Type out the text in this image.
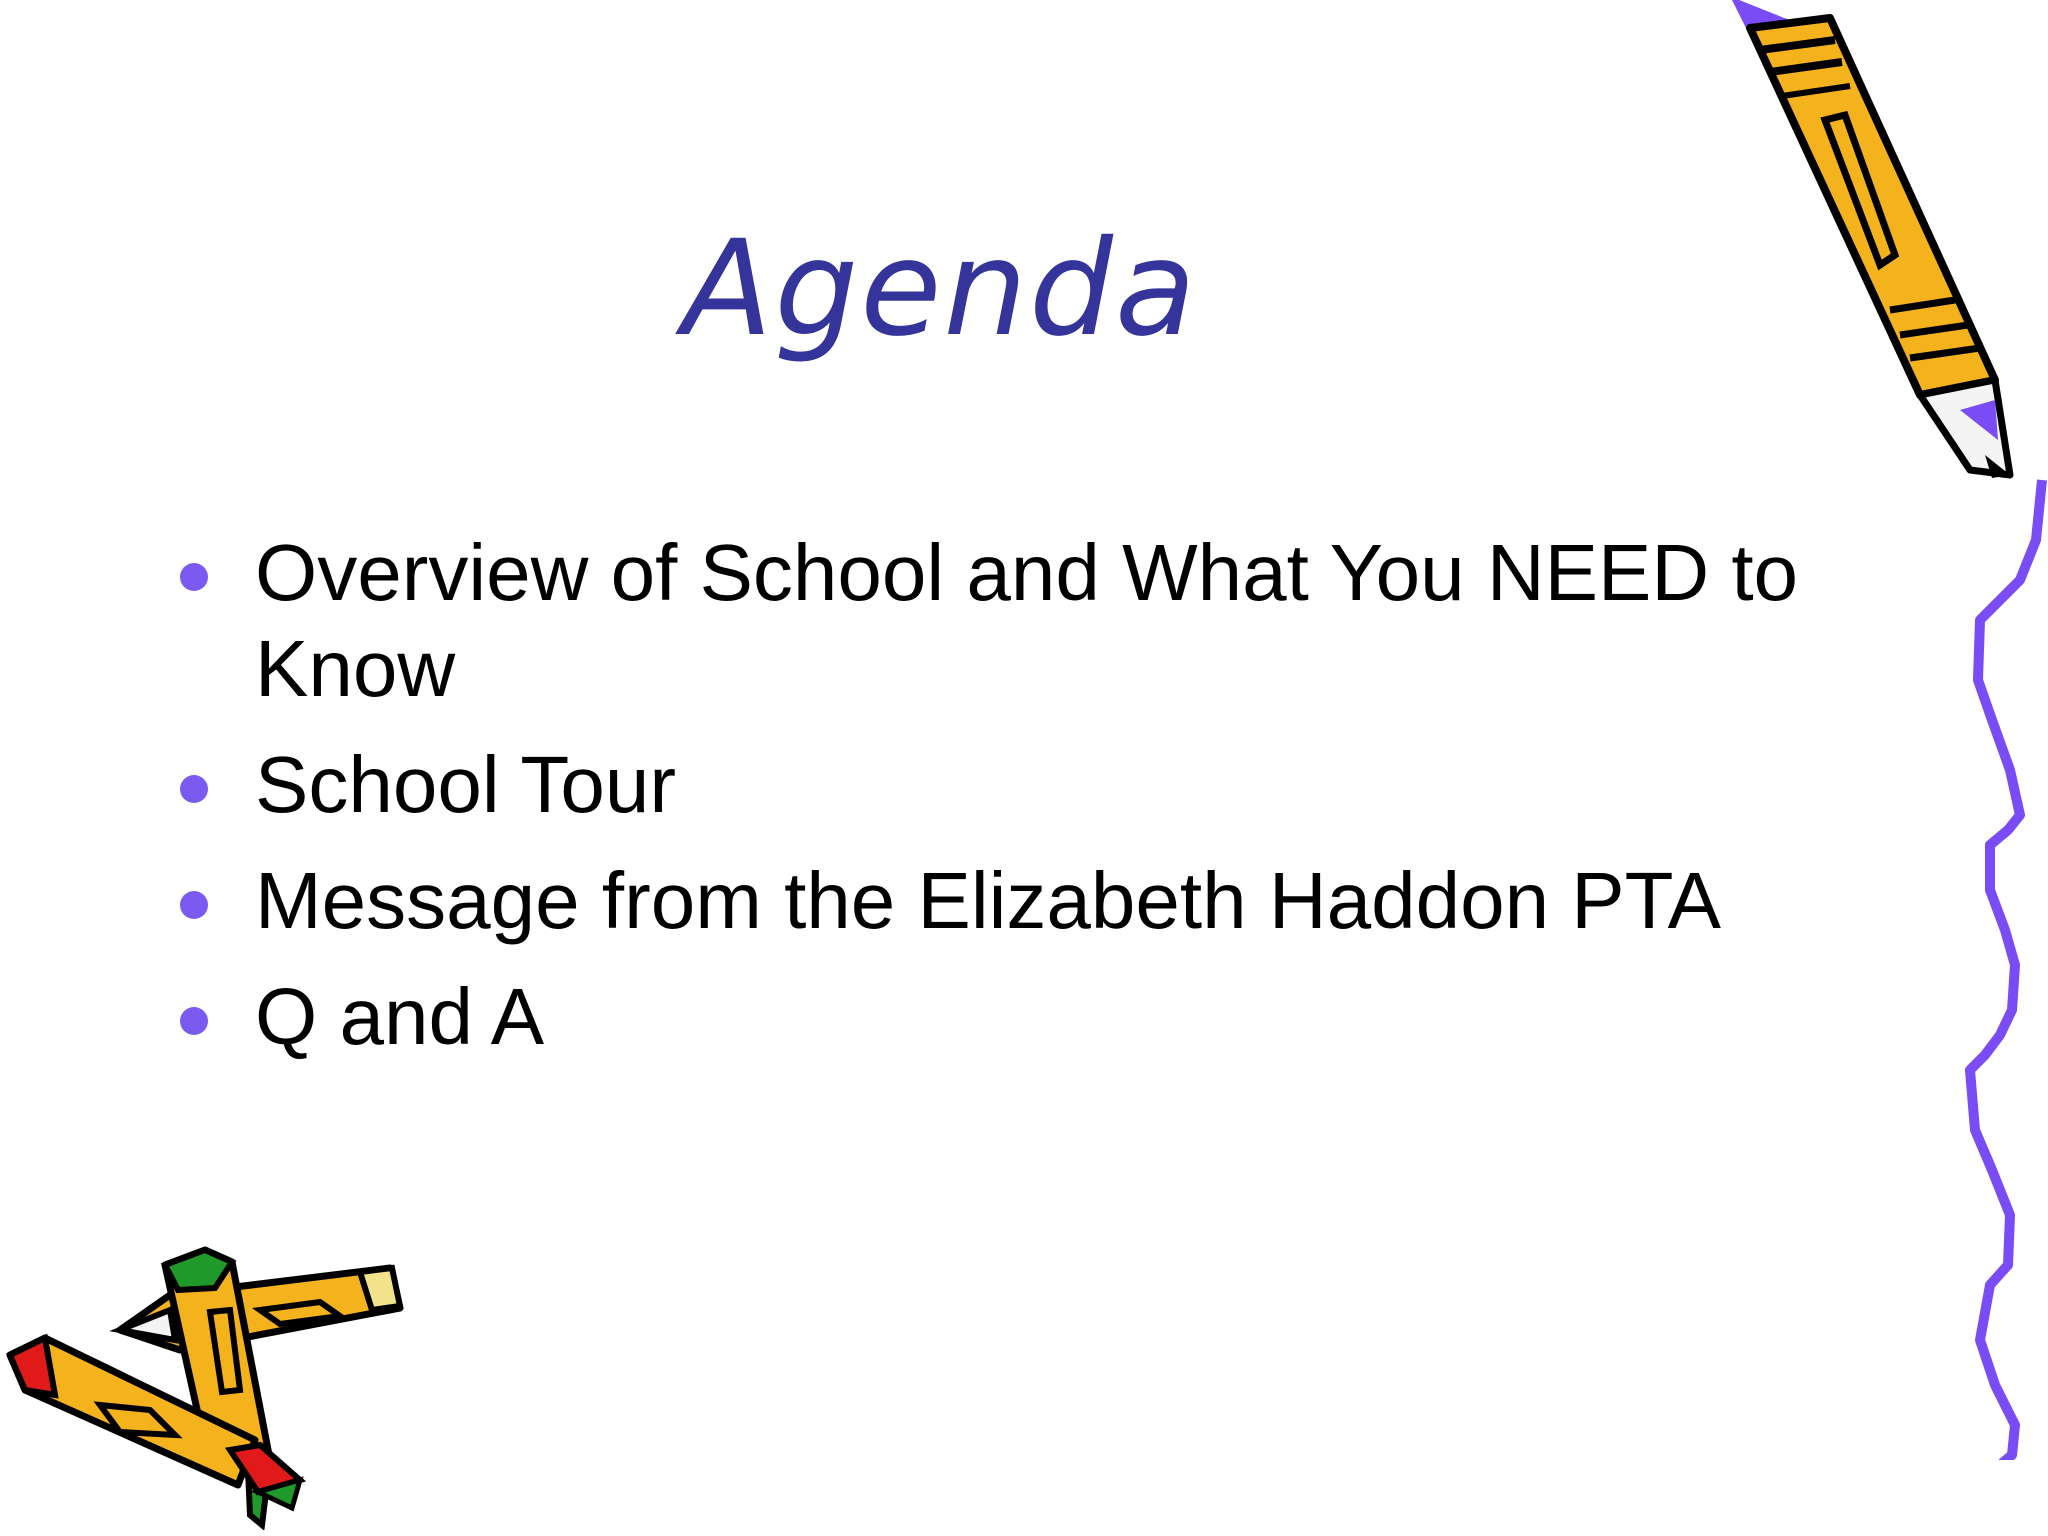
Agenda
Overview of School and What You NEED to Know
School Tour
Message from the Elizabeth Haddon PTA
Q and A
